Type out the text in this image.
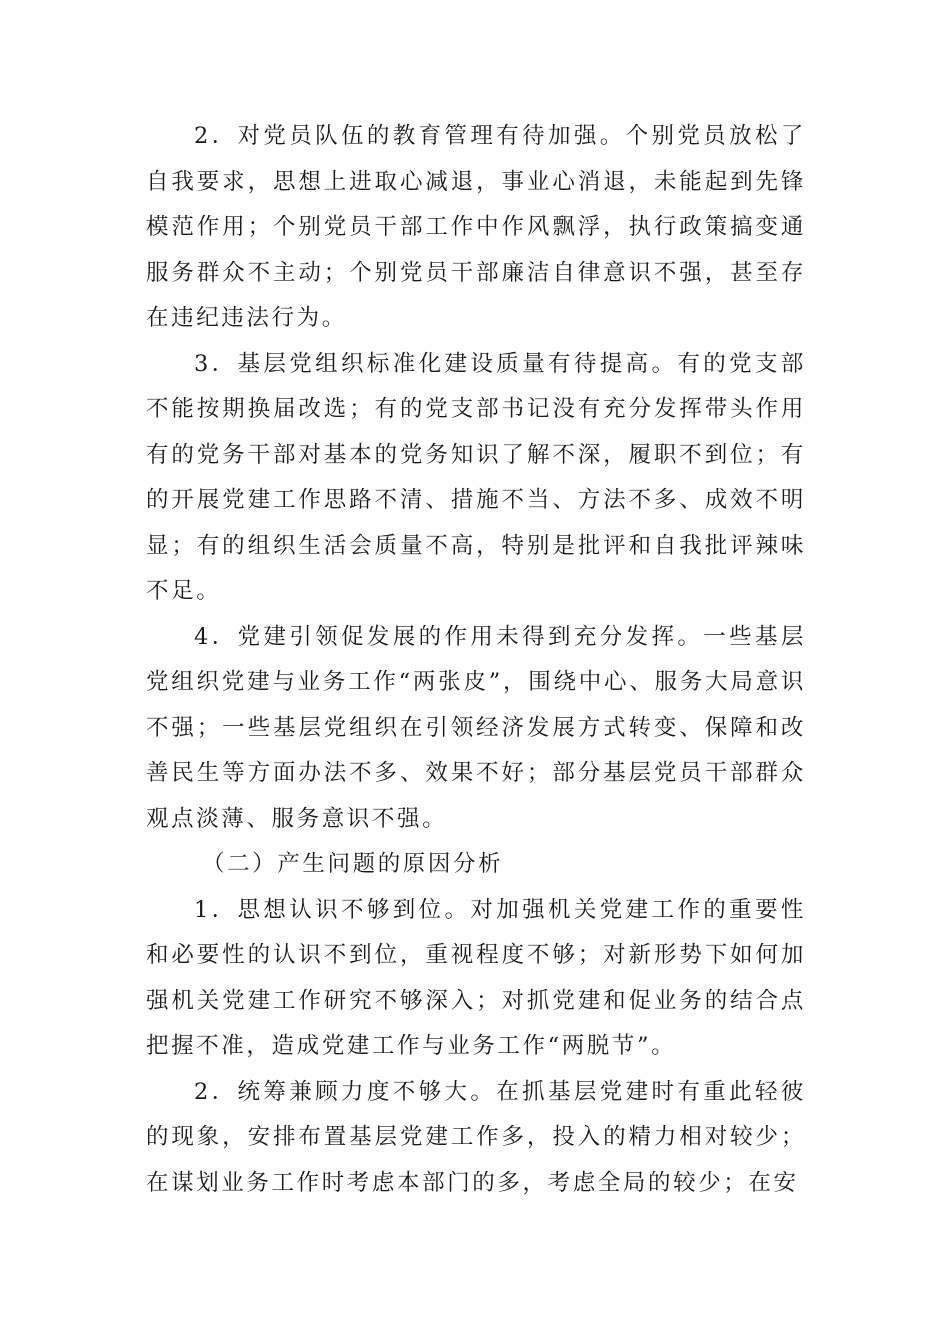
2．对党员队伍的教育管理有待加强。个别党员放松了自我要求，思想上进取心减退，事业心消退，未能起到先锋模范作用；个别党员干部工作中作风飘浮，执行政策搞变通服务群众不主动；个别党员干部廉洁自律意识不强，甚至存在违纪违法行为。

3．基层党组织标准化建设质量有待提高。有的党支部不能按期换届改选；有的党支部书记没有充分发挥带头作用有的党务干部对基本的党务知识了解不深，履职不到位；有的开展党建工作思路不清、措施不当、方法不多、成效不明显；有的组织生活会质量不高，特别是批评和自我批评辣味不足。

4．党建引领促发展的作用未得到充分发挥。一些基层党组织党建与业务工作“两张皮”，围绕中心、服务大局意识不强；一些基层党组织在引领经济发展方式转变、保障和改善民生等方面办法不多、效果不好；部分基层党员干部群众观点淡薄、服务意识不强。

（二）产生问题的原因分析

1．思想认识不够到位。对加强机关党建工作的重要性和必要性的认识不到位，重视程度不够；对新形势下如何加强机关党建工作研究不够深入；对抓党建和促业务的结合点把握不准，造成党建工作与业务工作“两脱节”。

2．统筹兼顾力度不够大。在抓基层党建时有重此轻彼的现象，安排布置基层党建工作多，投入的精力相对较少；在谋划业务工作时考虑本部门的多，考虑全局的较少；在安
